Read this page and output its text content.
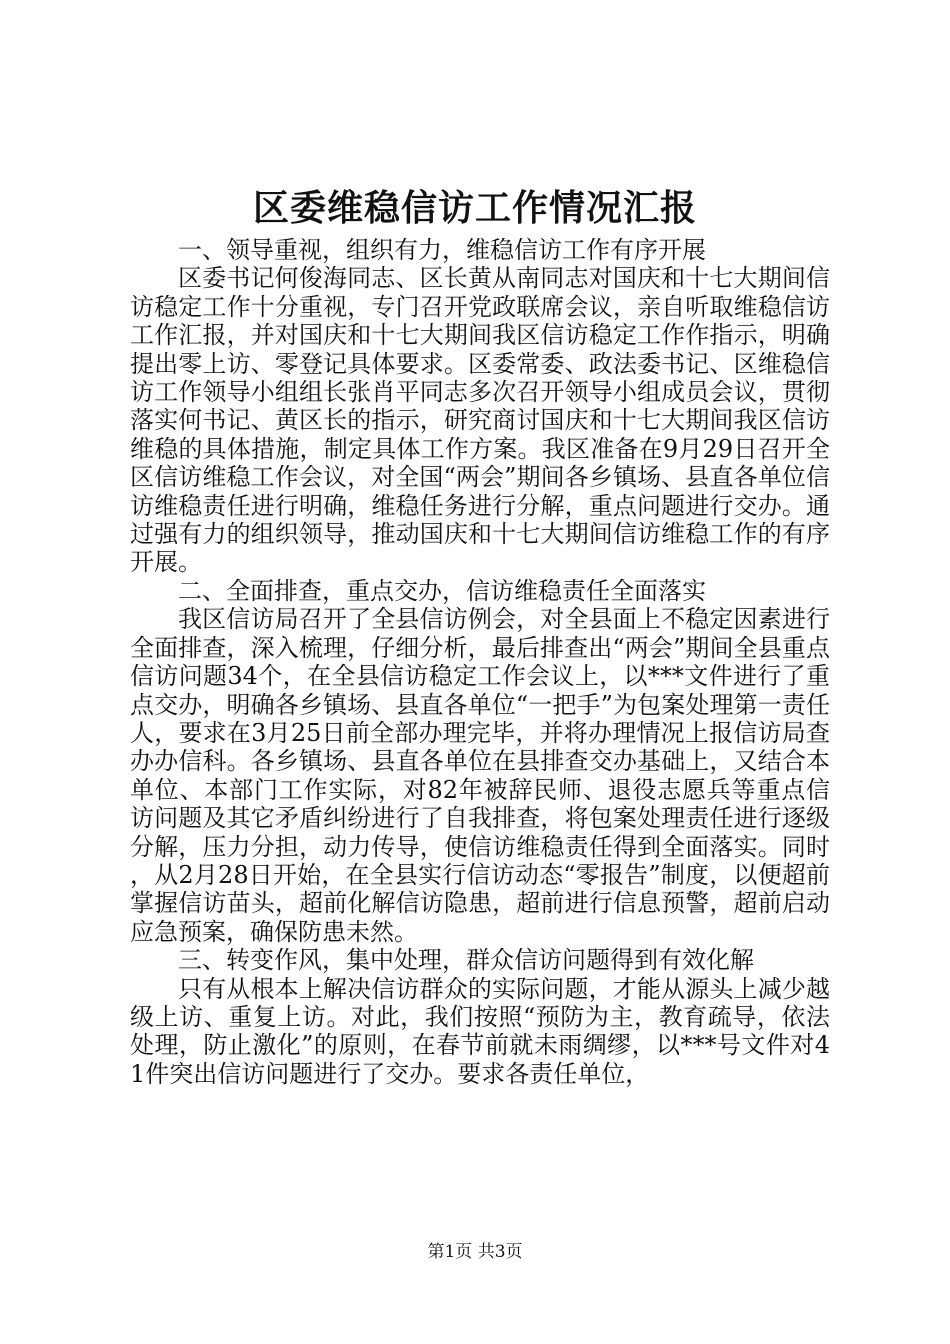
区委维稳信访工作情况汇报

一、领导重视，组织有力，维稳信访工作有序开展

区委书记何俊海同志、区长黄从南同志对国庆和十七大期间信访稳定工作十分重视，专门召开党政联席会议，亲自听取维稳信访工作汇报，并对国庆和十七大期间我区信访稳定工作作指示，明确提出零上访、零登记具体要求。区委常委、政法委书记、区维稳信访工作领导小组组长张肖平同志多次召开领导小组成员会议，贯彻落实何书记、黄区长的指示，研究商讨国庆和十七大期间我区信访维稳的具体措施，制定具体工作方案。我区准备在9月29日召开全区信访维稳工作会议，对全国“两会”期间各乡镇场、县直各单位信访维稳责任进行明确，维稳任务进行分解，重点问题进行交办。通过强有力的组织领导，推动国庆和十七大期间信访维稳工作的有序开展。

二、全面排查，重点交办，信访维稳责任全面落实

我区信访局召开了全县信访例会，对全县面上不稳定因素进行全面排查，深入梳理，仔细分析，最后排查出“两会”期间全县重点信访问题34个，在全县信访稳定工作会议上，以***文件进行了重点交办，明确各乡镇场、县直各单位“一把手”为包案处理第一责任人，要求在3月25日前全部办理完毕，并将办理情况上报信访局查办办信科。各乡镇场、县直各单位在县排查交办基础上，又结合本单位、本部门工作实际，对82年被辞民师、退役志愿兵等重点信访问题及其它矛盾纠纷进行了自我排查，将包案处理责任进行逐级分解，压力分担，动力传导，使信访维稳责任得到全面落实。同时，从2月28日开始，在全县实行信访动态“零报告”制度，以便超前掌握信访苗头，超前化解信访隐患，超前进行信息预警，超前启动应急预案，确保防患未然。

三、转变作风，集中处理，群众信访问题得到有效化解

只有从根本上解决信访群众的实际问题，才能从源头上减少越级上访、重复上访。对此，我们按照“预防为主，教育疏导，依法处理，防止激化”的原则，在春节前就未雨绸缪，以***号文件对41件突出信访问题进行了交办。要求各责任单位，

第1页 共3页
